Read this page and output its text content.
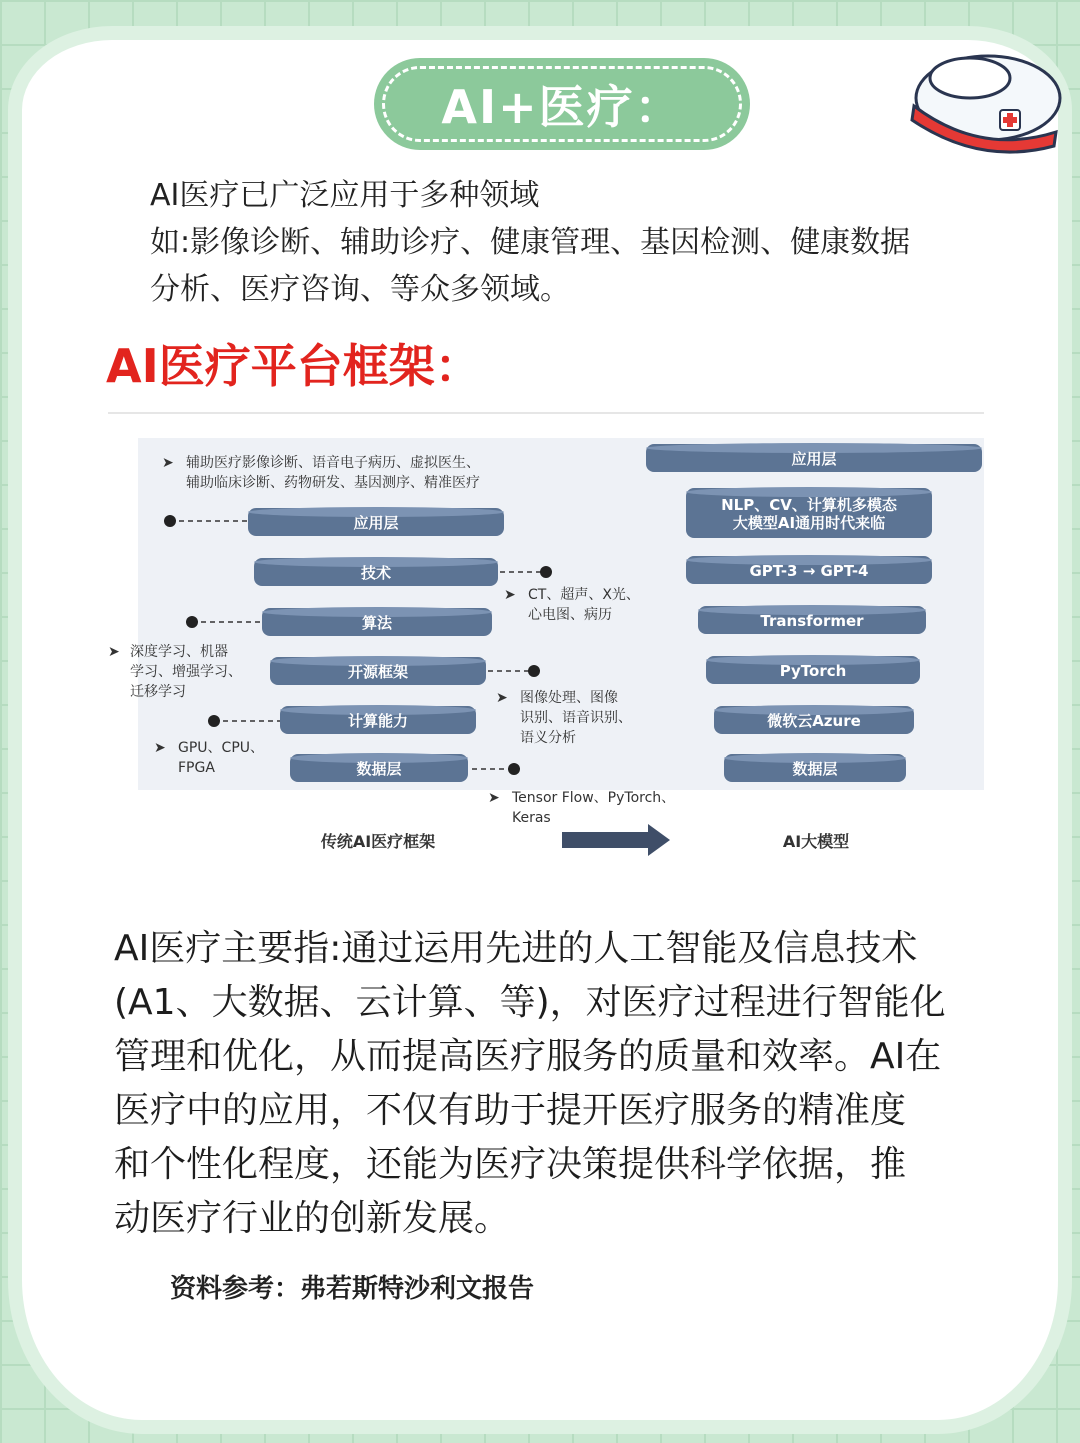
AI+医疗：
AI医疗已广泛应用于多种领域
如:影像诊断、辅助诊疗、健康管理、基因检测、健康数据
分析、医疗咨询、等众多领域。
AI医疗平台框架：
应用层
技术
算法
开源框架
计算能力
数据层
应用层
NLP、CV、计算机多模态
大模型AI通用时代来临
GPT-3 → GPT-4
Transformer
PyTorch
微软云Azure
数据层
➤ 辅助医疗影像诊断、语音电子病历、虚拟医生、
辅助临床诊断、药物研发、基因测序、精准医疗
➤ CT、超声、X光、
心电图、病历
➤ 深度学习、机器
学习、增强学习、
迁移学习	➤ 图像处理、图像
识别、语音识别、
语义分析
➤ GPU、CPU、
FPGA
➤ Tensor Flow、PyTorch、
Keras
传统AI医疗框架	AI大模型
AI医疗主要指:通过运用先进的人工智能及信息技术
(A1、大数据、云计算、等)，对医疗过程进行智能化
管理和优化，从而提高医疗服务的质量和效率。AI在
医疗中的应用，不仅有助于提开医疗服务的精准度
和个性化程度，还能为医疗决策提供科学依据，推
动医疗行业的创新发展。
资料参考：弗若斯特沙利文报告
